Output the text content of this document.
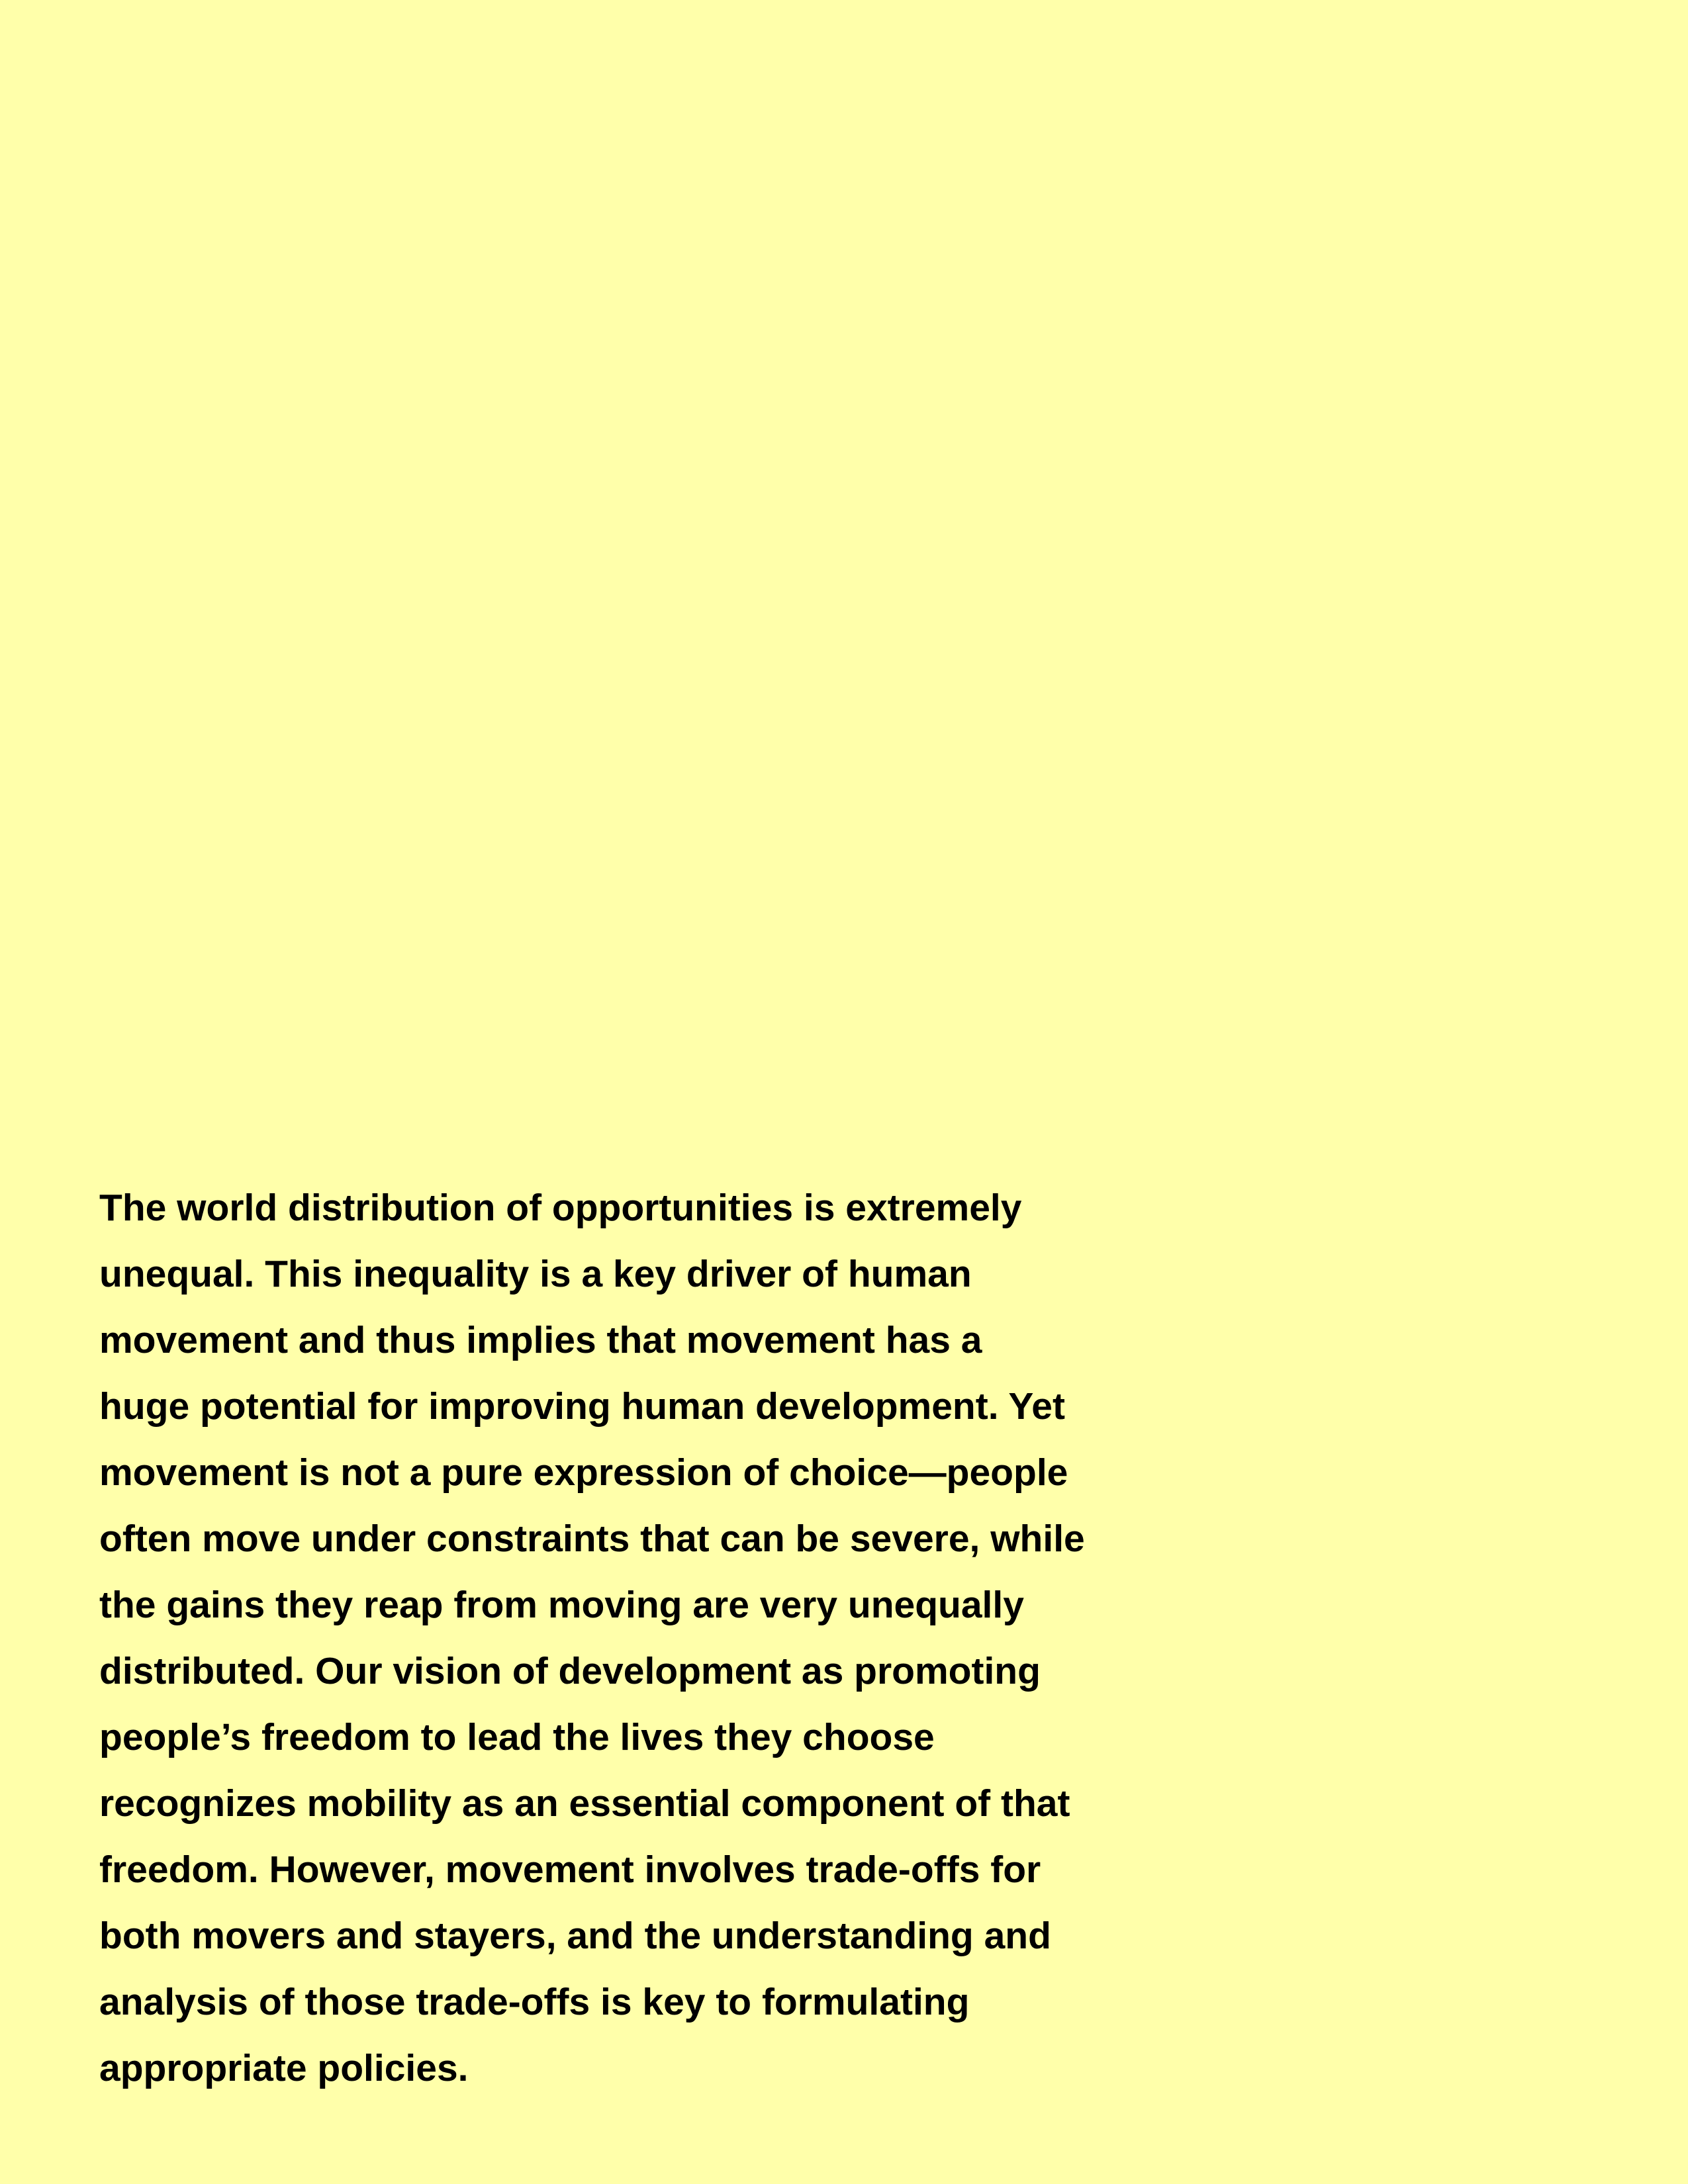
The world distribution of opportunities is extremely
unequal. This inequality is a key driver of human
movement and thus implies that movement has a
huge potential for improving human development. Yet
movement is not a pure expression of choice—people
often move under constraints that can be severe, while
the gains they reap from moving are very unequally
distributed. Our vision of development as promoting
people’s freedom to lead the lives they choose
recognizes mobility as an essential component of that
freedom. However, movement involves trade-offs for
both movers and stayers, and the understanding and
analysis of those trade-offs is key to formulating
appropriate policies.
